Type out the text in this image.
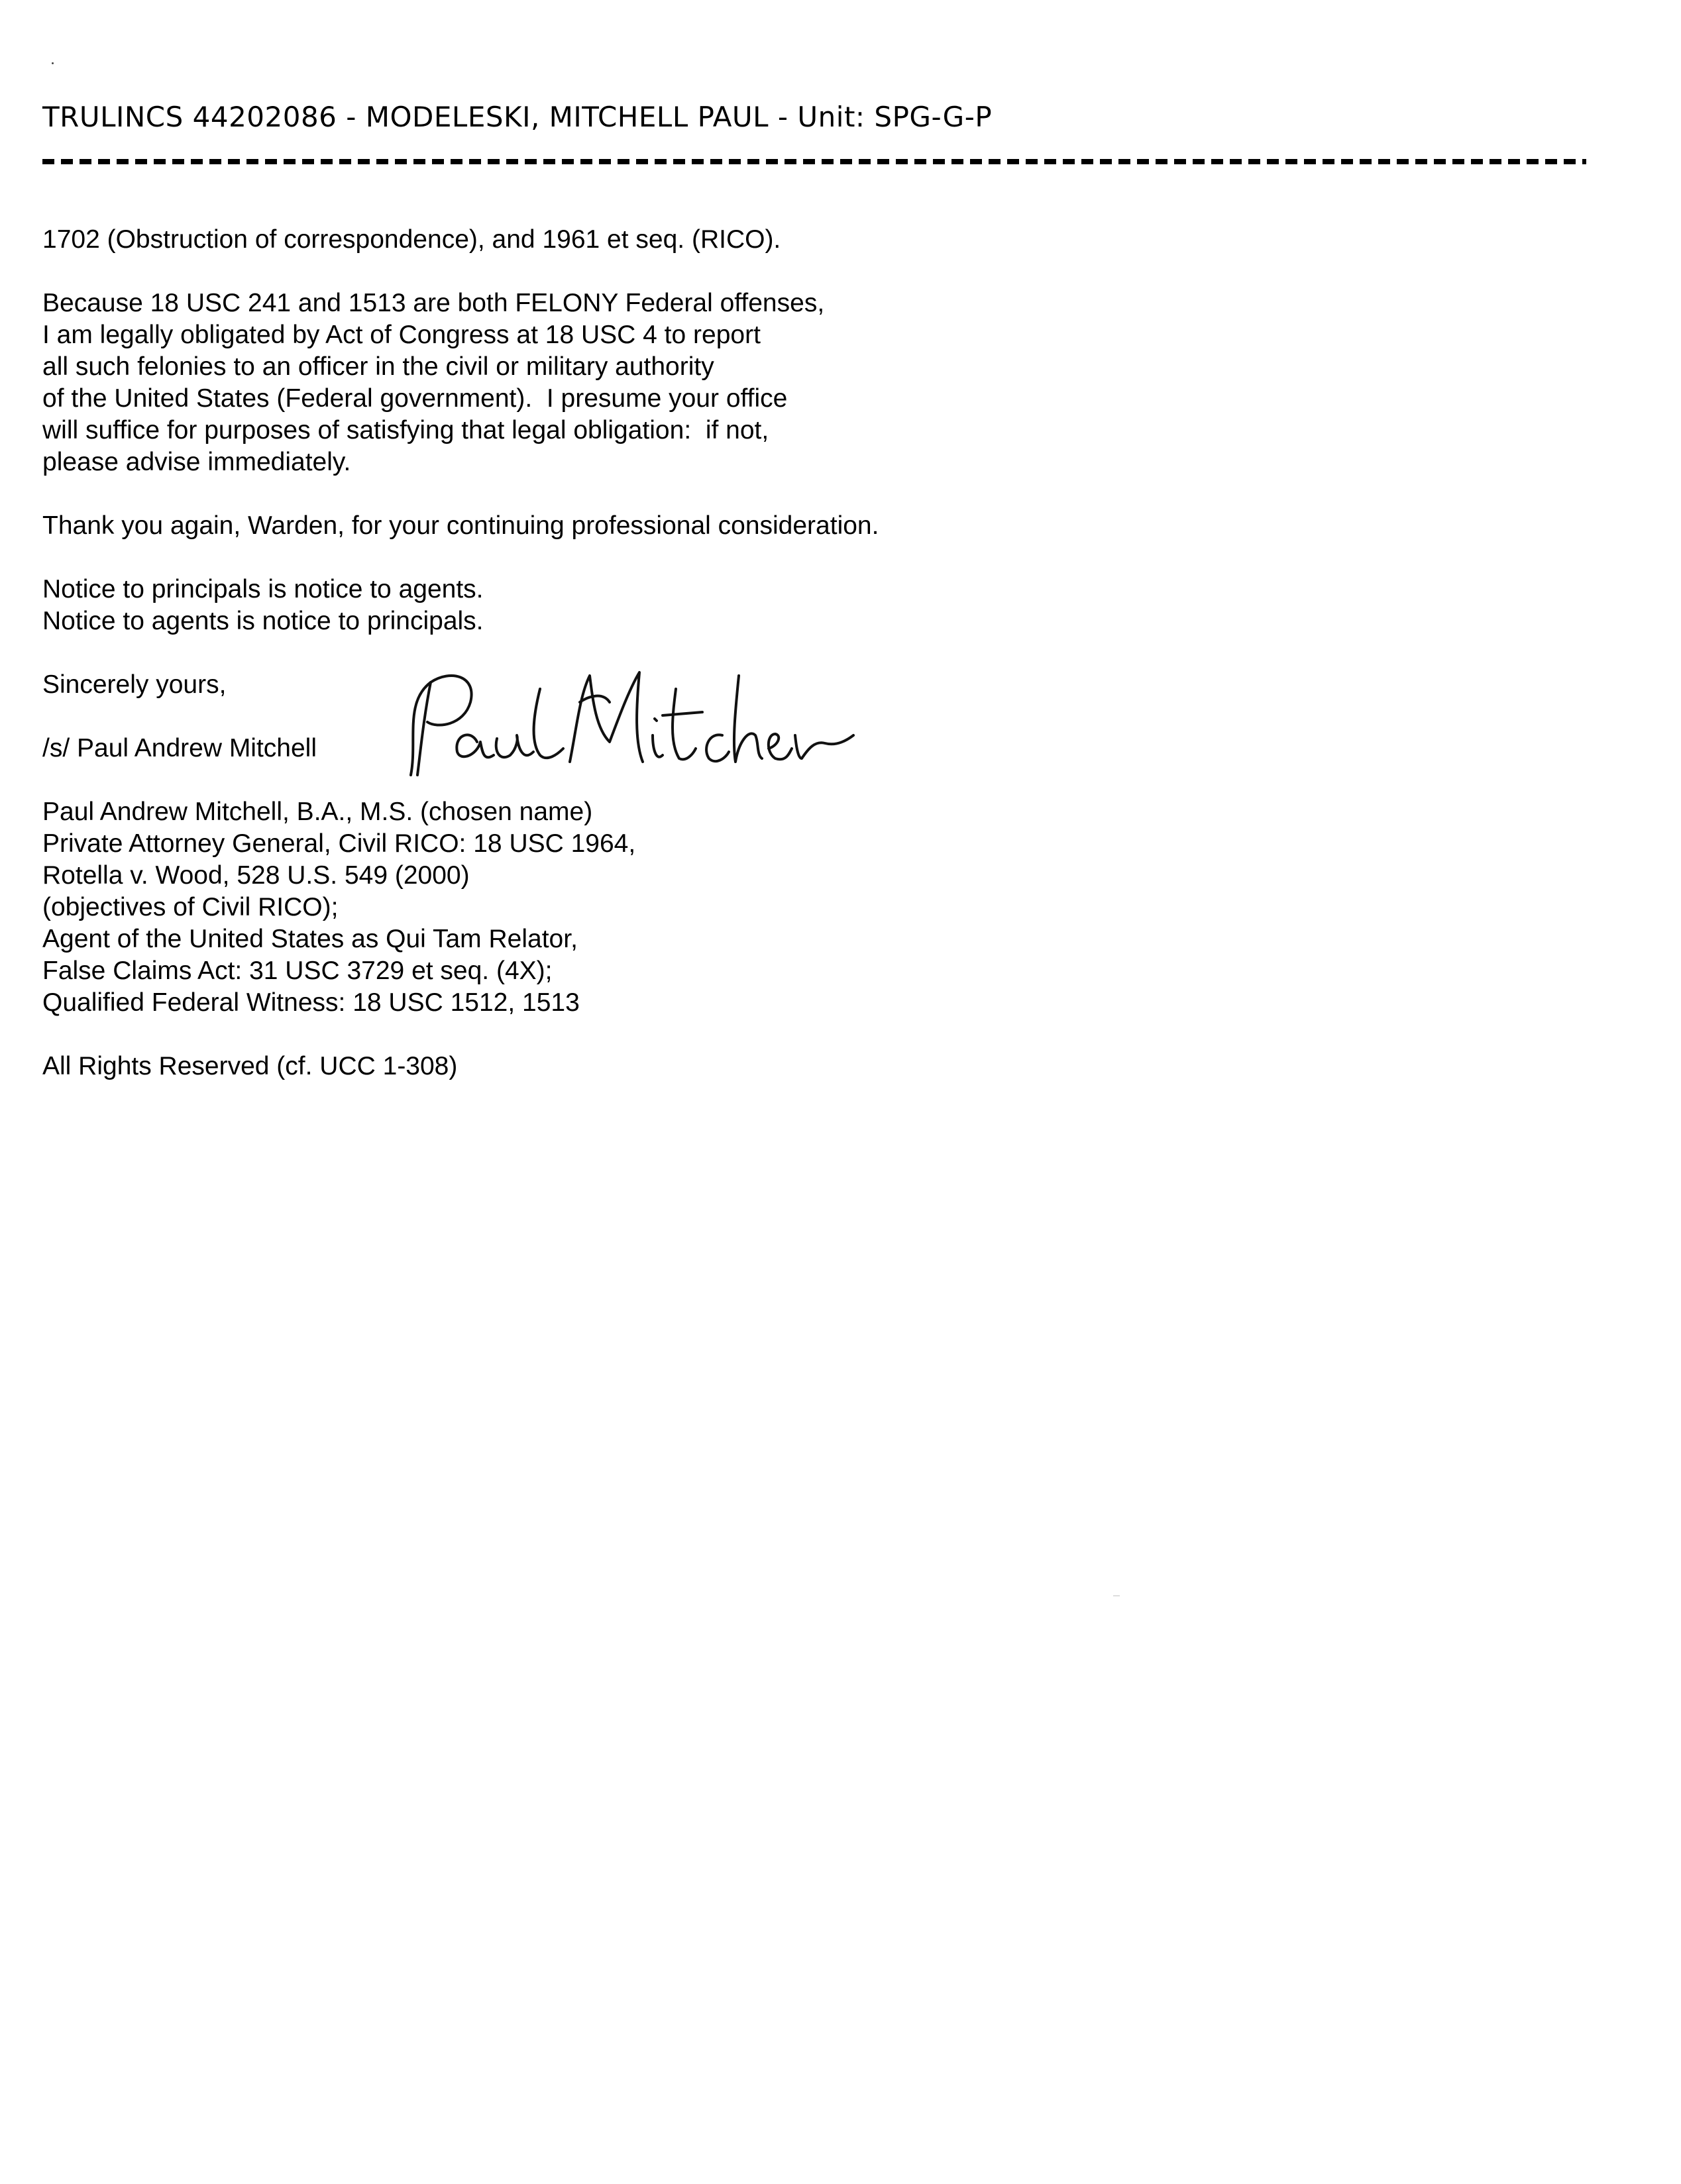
TRULINCS 44202086 - MODELESKI, MITCHELL PAUL - Unit: SPG-G-P
1702 (Obstruction of correspondence), and 1961 et seq. (RICO).
Because 18 USC 241 and 1513 are both FELONY Federal offenses,
I am legally obligated by Act of Congress at 18 USC 4 to report
all such felonies to an officer in the civil or military authority
of the United States (Federal government).  I presume your office
will suffice for purposes of satisfying that legal obligation:  if not,
please advise immediately.
Thank you again, Warden, for your continuing professional consideration.
Notice to principals is notice to agents.
Notice to agents is notice to principals.
Sincerely yours,
/s/ Paul Andrew Mitchell
Paul Andrew Mitchell, B.A., M.S. (chosen name)
Private Attorney General, Civil RICO: 18 USC 1964,
Rotella v. Wood, 528 U.S. 549 (2000)
(objectives of Civil RICO);
Agent of the United States as Qui Tam Relator,
False Claims Act: 31 USC 3729 et seq. (4X);
Qualified Federal Witness: 18 USC 1512, 1513
All Rights Reserved (cf. UCC 1-308)
